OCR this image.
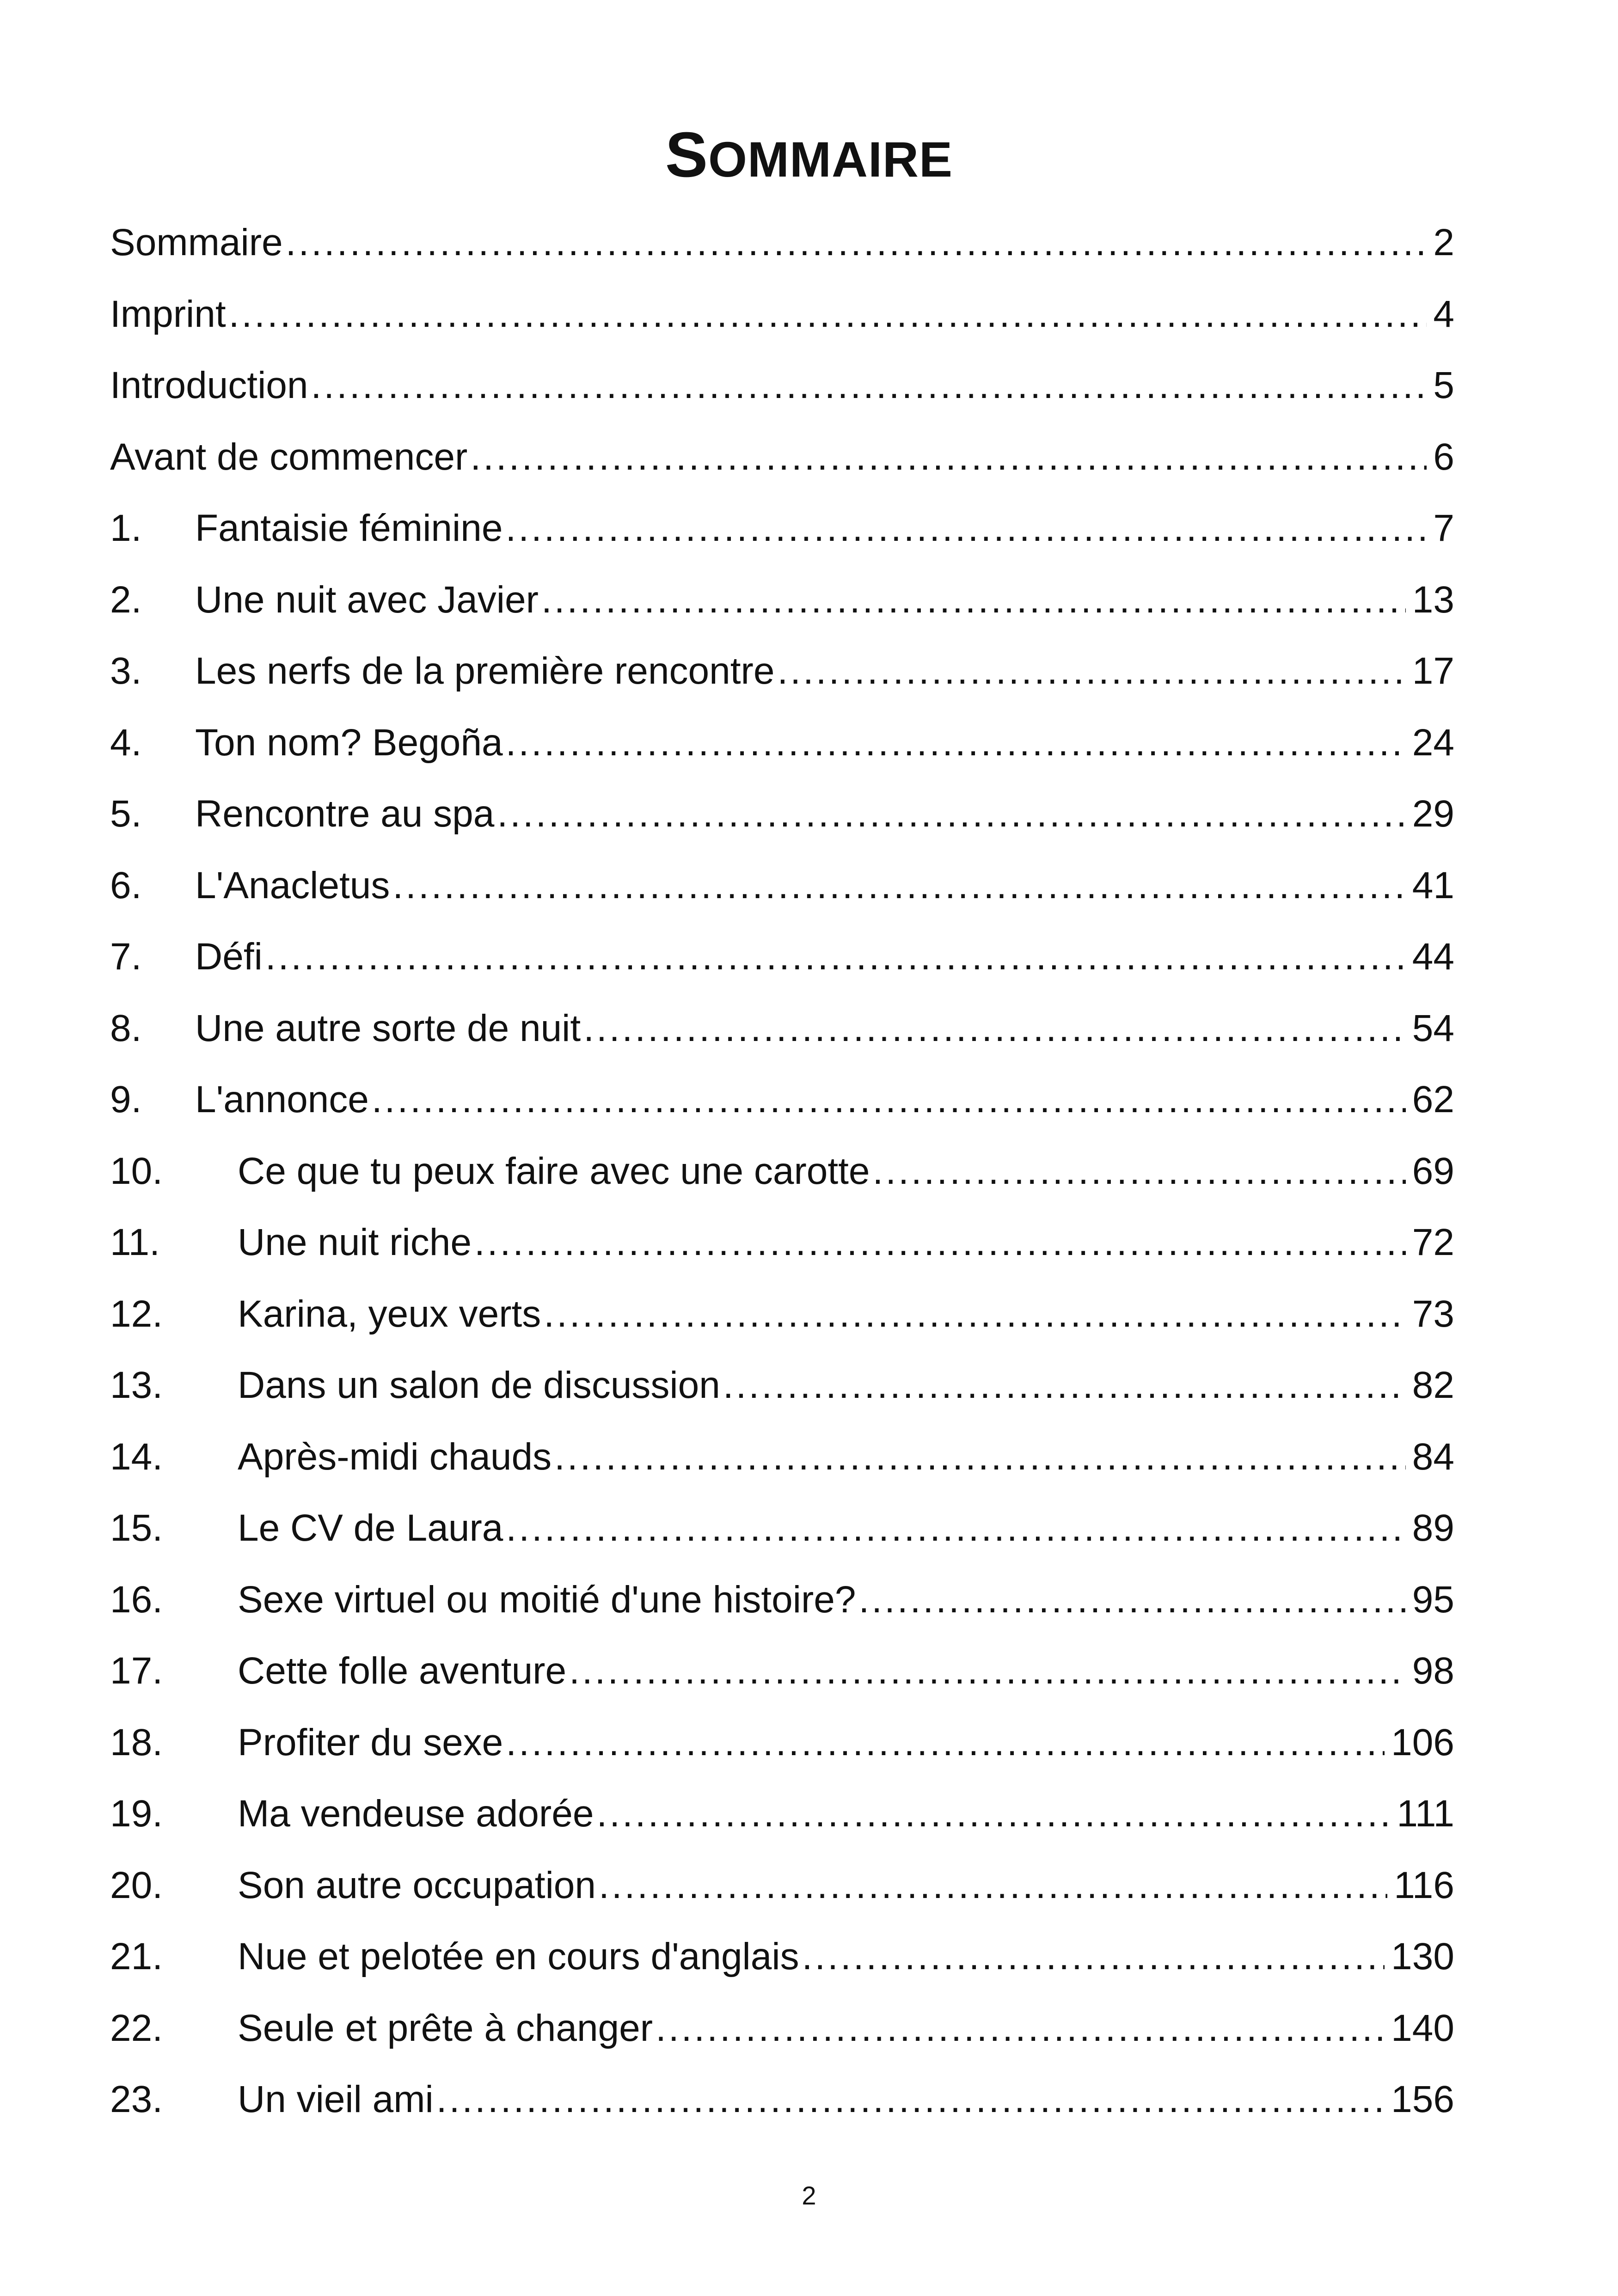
SOMMAIRE
Sommaire .....	2
Imprint .....	4
Introduction .....	5
Avant de commencer .....	6
1.	Fantaisie féminine .....	7
2.	Une nuit avec Javier .....	13
3.	Les nerfs de la première rencontre .....	17
4.	Ton nom? Begoña .....	24
5.	Rencontre au spa .....	29
6.	L'Anacletus .....	41
7.	Défi .....	44
8.	Une autre sorte de nuit .....	54
9.	L'annonce .....	62
10.	Ce que tu peux faire avec une carotte .....	69
11.	Une nuit riche .....	72
12.	Karina, yeux verts .....	73
13.	Dans un salon de discussion .....	82
14.	Après-midi chauds .....	84
15.	Le CV de Laura .....	89
16.	Sexe virtuel ou moitié d'une histoire? .....	95
17.	Cette folle aventure .....	98
18.	Profiter du sexe .....	106
19.	Ma vendeuse adorée .....	111
20.	Son autre occupation .....	116
21.	Nue et pelotée en cours d'anglais .....	130
22.	Seule et prête à changer .....	140
23.	Un vieil ami .....	156
2
